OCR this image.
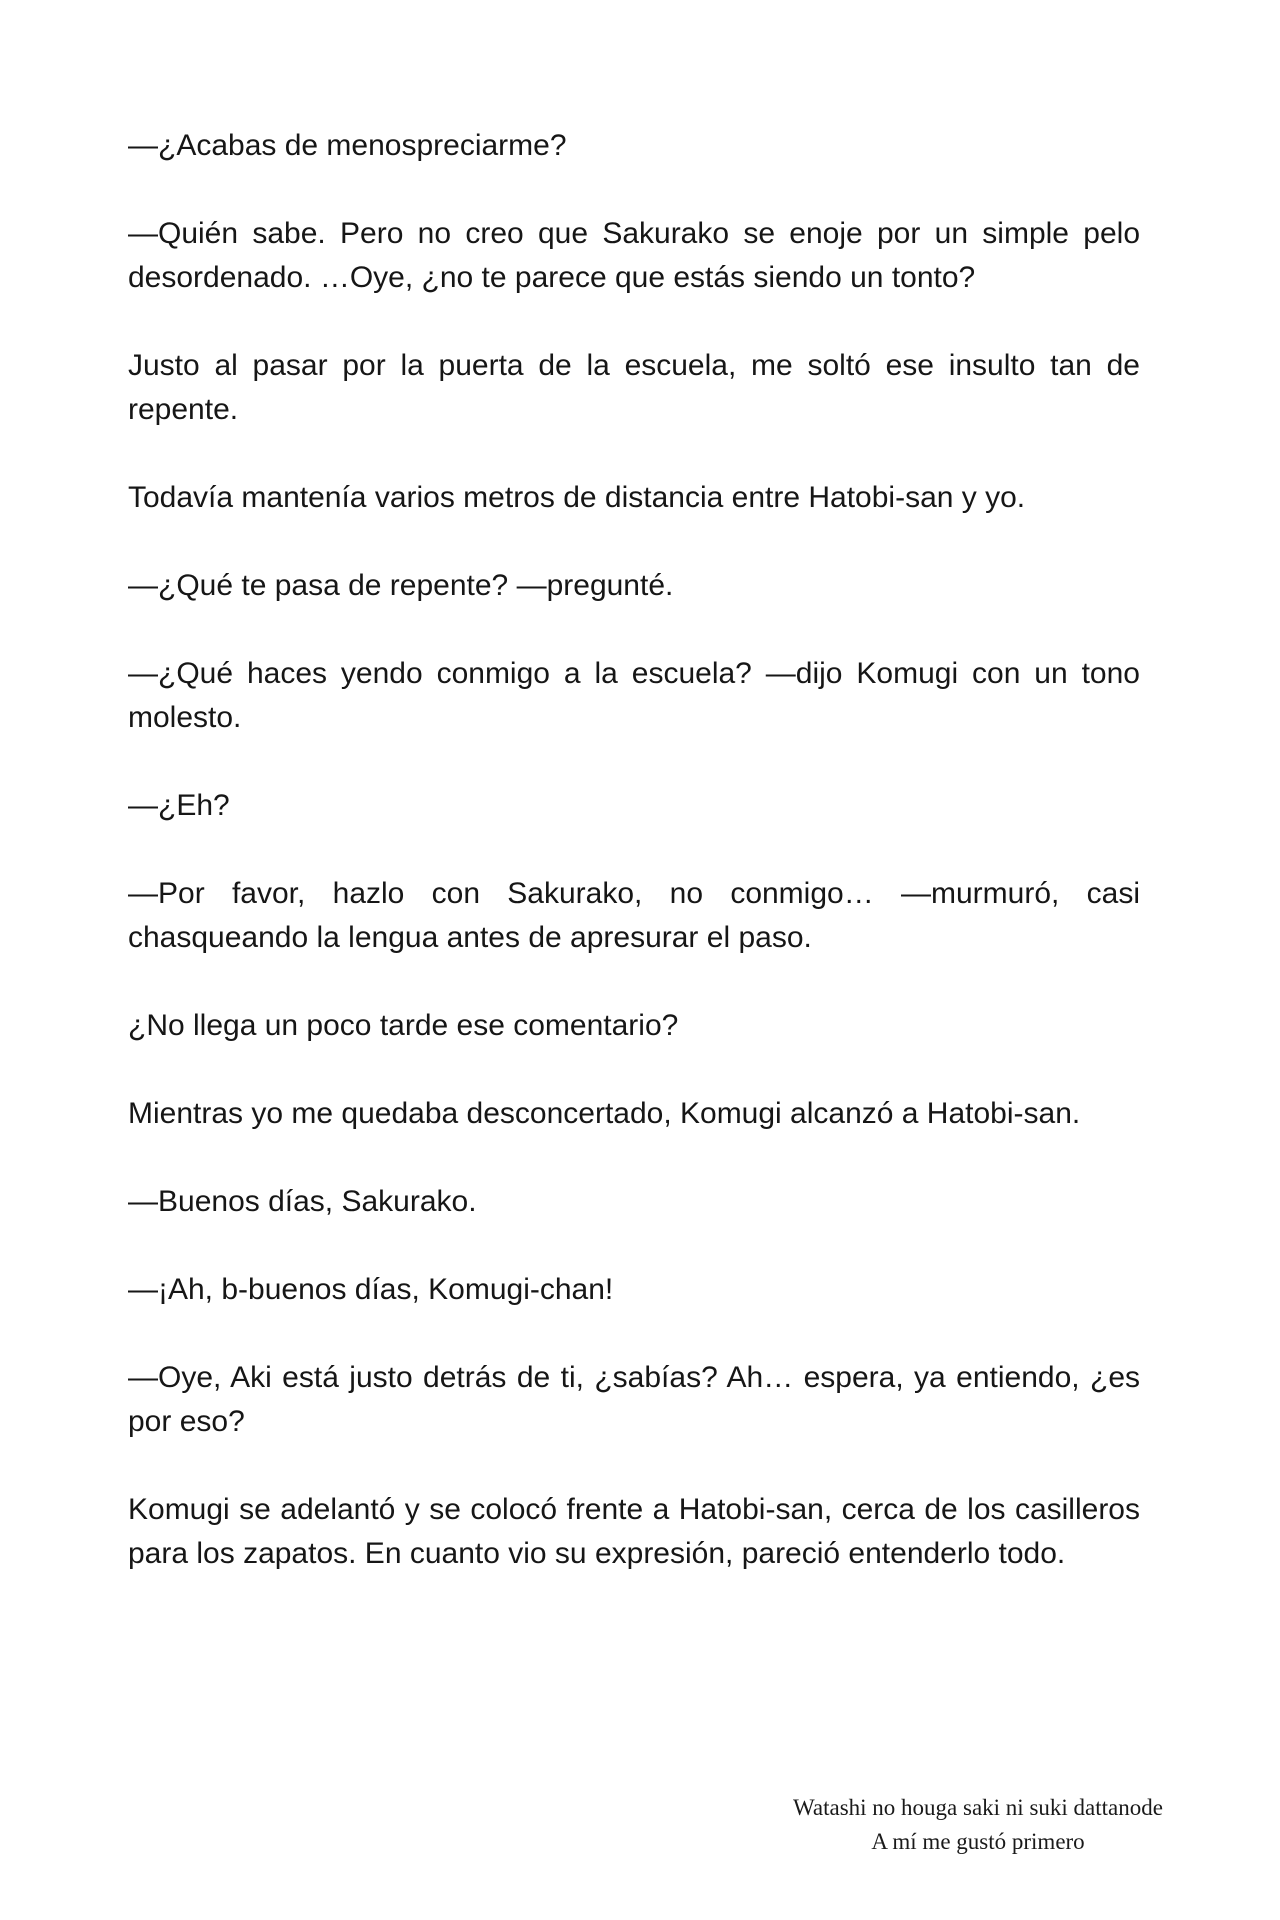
—¿Acabas de menospreciarme?

—Quién sabe. Pero no creo que Sakurako se enoje por un simple pelo desordenado. …Oye, ¿no te parece que estás siendo un tonto?

Justo al pasar por la puerta de la escuela, me soltó ese insulto tan de repente.

Todavía mantenía varios metros de distancia entre Hatobi-san y yo.

—¿Qué te pasa de repente? —pregunté.

—¿Qué haces yendo conmigo a la escuela? —dijo Komugi con un tono molesto.

—¿Eh?

—Por favor, hazlo con Sakurako, no conmigo… —murmuró, casi chasqueando la lengua antes de apresurar el paso.

¿No llega un poco tarde ese comentario?

Mientras yo me quedaba desconcertado, Komugi alcanzó a Hatobi-san.

—Buenos días, Sakurako.

—¡Ah, b-buenos días, Komugi-chan!

—Oye, Aki está justo detrás de ti, ¿sabías? Ah… espera, ya entiendo, ¿es por eso?

Komugi se adelantó y se colocó frente a Hatobi-san, cerca de los casilleros para los zapatos. En cuanto vio su expresión, pareció entenderlo todo.

Watashi no houga saki ni suki dattanode
A mí me gustó primero
